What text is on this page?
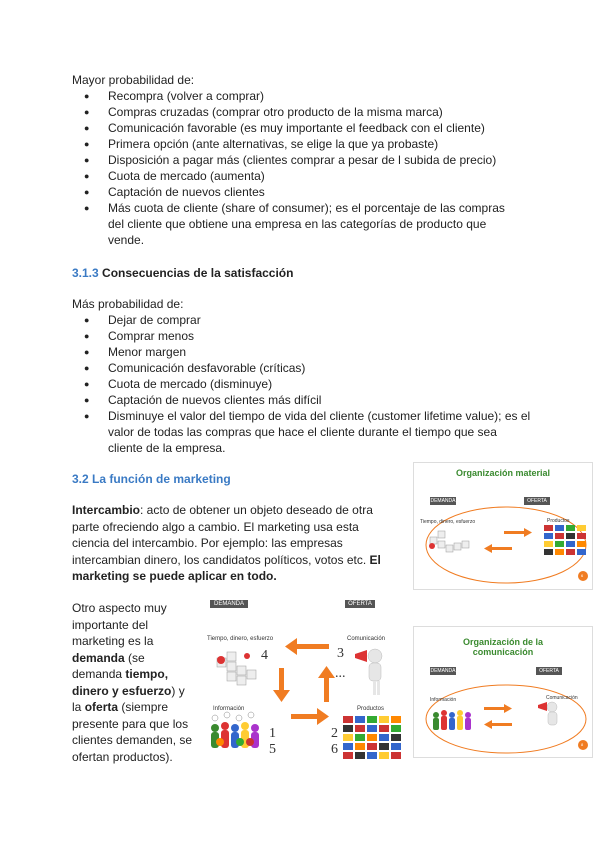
Mayor probabilidad de:
● Recompra (volver a comprar)
● Compras cruzadas (comprar otro producto de la misma marca)
● Comunicación favorable (es muy importante el feedback con el cliente)
● Primera opción (ante alternativas, se elige la que ya probaste)
● Disposición a pagar más (clientes comprar a pesar de l subida de precio)
● Cuota de mercado (aumenta)
● Captación de nuevos clientes
● Más cuota de cliente (share of consumer); es el porcentaje de las compras del cliente que obtiene una empresa en las categorías de producto que vende.
3.1.3 Consecuencias de la satisfacción
Más probabilidad de:
● Dejar de comprar
● Comprar menos
● Menor margen
● Comunicación desfavorable (críticas)
● Cuota de mercado (disminuye)
● Captación de nuevos clientes más difícil
● Disminuye el valor del tiempo de vida del cliente (customer lifetime value); es el valor de todas las compras que hace el cliente durante el tiempo que sea cliente de la empresa.
3.2 La función de marketing
Intercambio: acto de obtener un objeto deseado de otra parte ofreciendo algo a cambio. El marketing usa esta ciencia del intercambio. Por ejemplo: las empresas intercambian dinero, los candidatos políticos, votos etc. El marketing se puede aplicar en todo.
Otro aspecto muy importante del marketing es la demanda (se demanda tiempo, dinero y esfuerzo) y la oferta (siempre presente para que los clientes demanden, se ofertan productos).
Organización material
DEMANDA	OFERTA
Tiempo, dinero, esfuerzo	Productos
6
DEMANDA	OFERTA
Tiempo, dinero, esfuerzo	Comunicación
Información	Productos
4	3
...
1
5
2
6
Organización de la comunicación
DEMANDA	OFERTA
Información	Comunicación
8
